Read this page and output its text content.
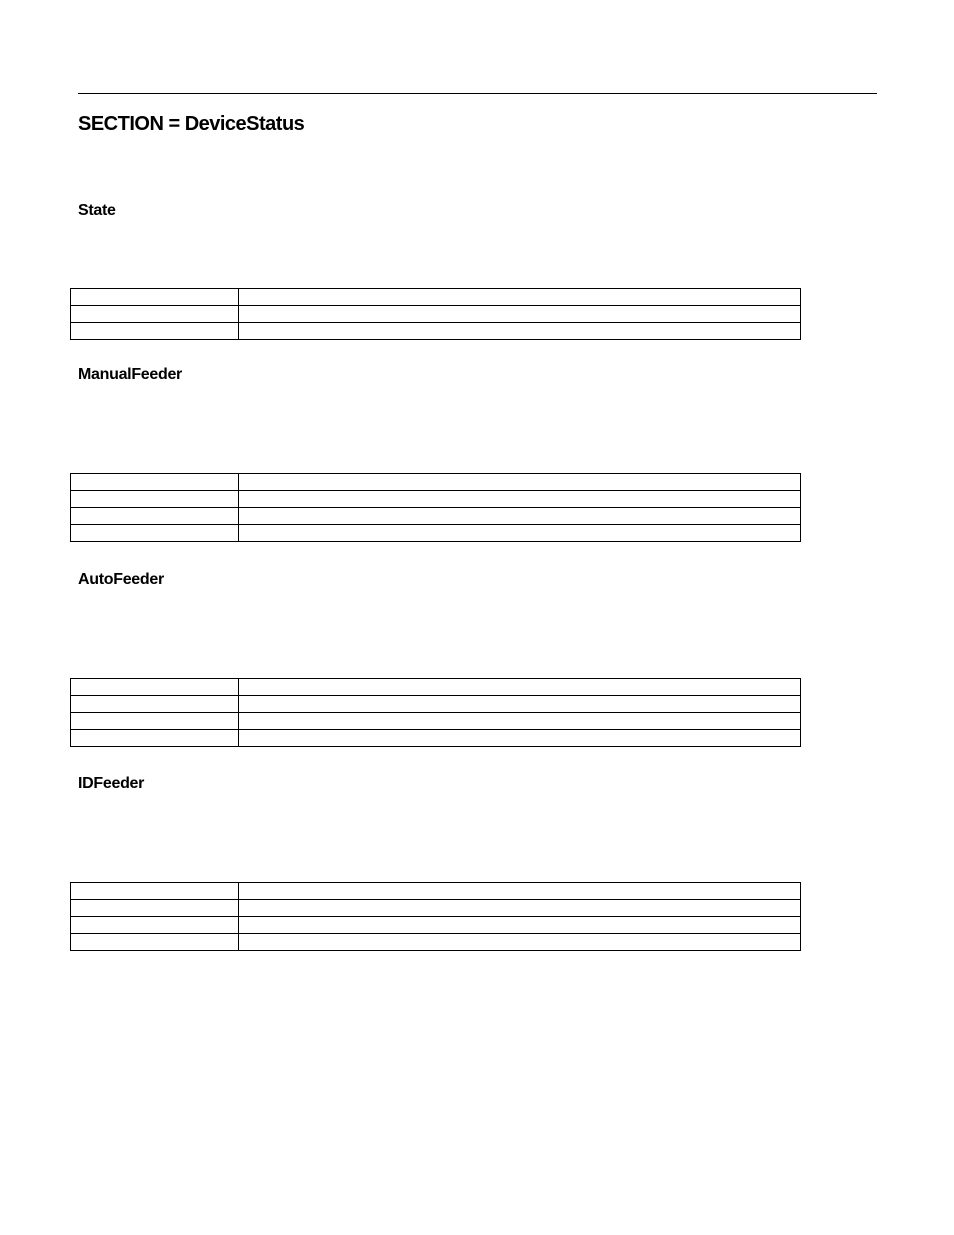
SECTION = DeviceStatus
State

ManualFeeder

AutoFeeder

IDFeeder
